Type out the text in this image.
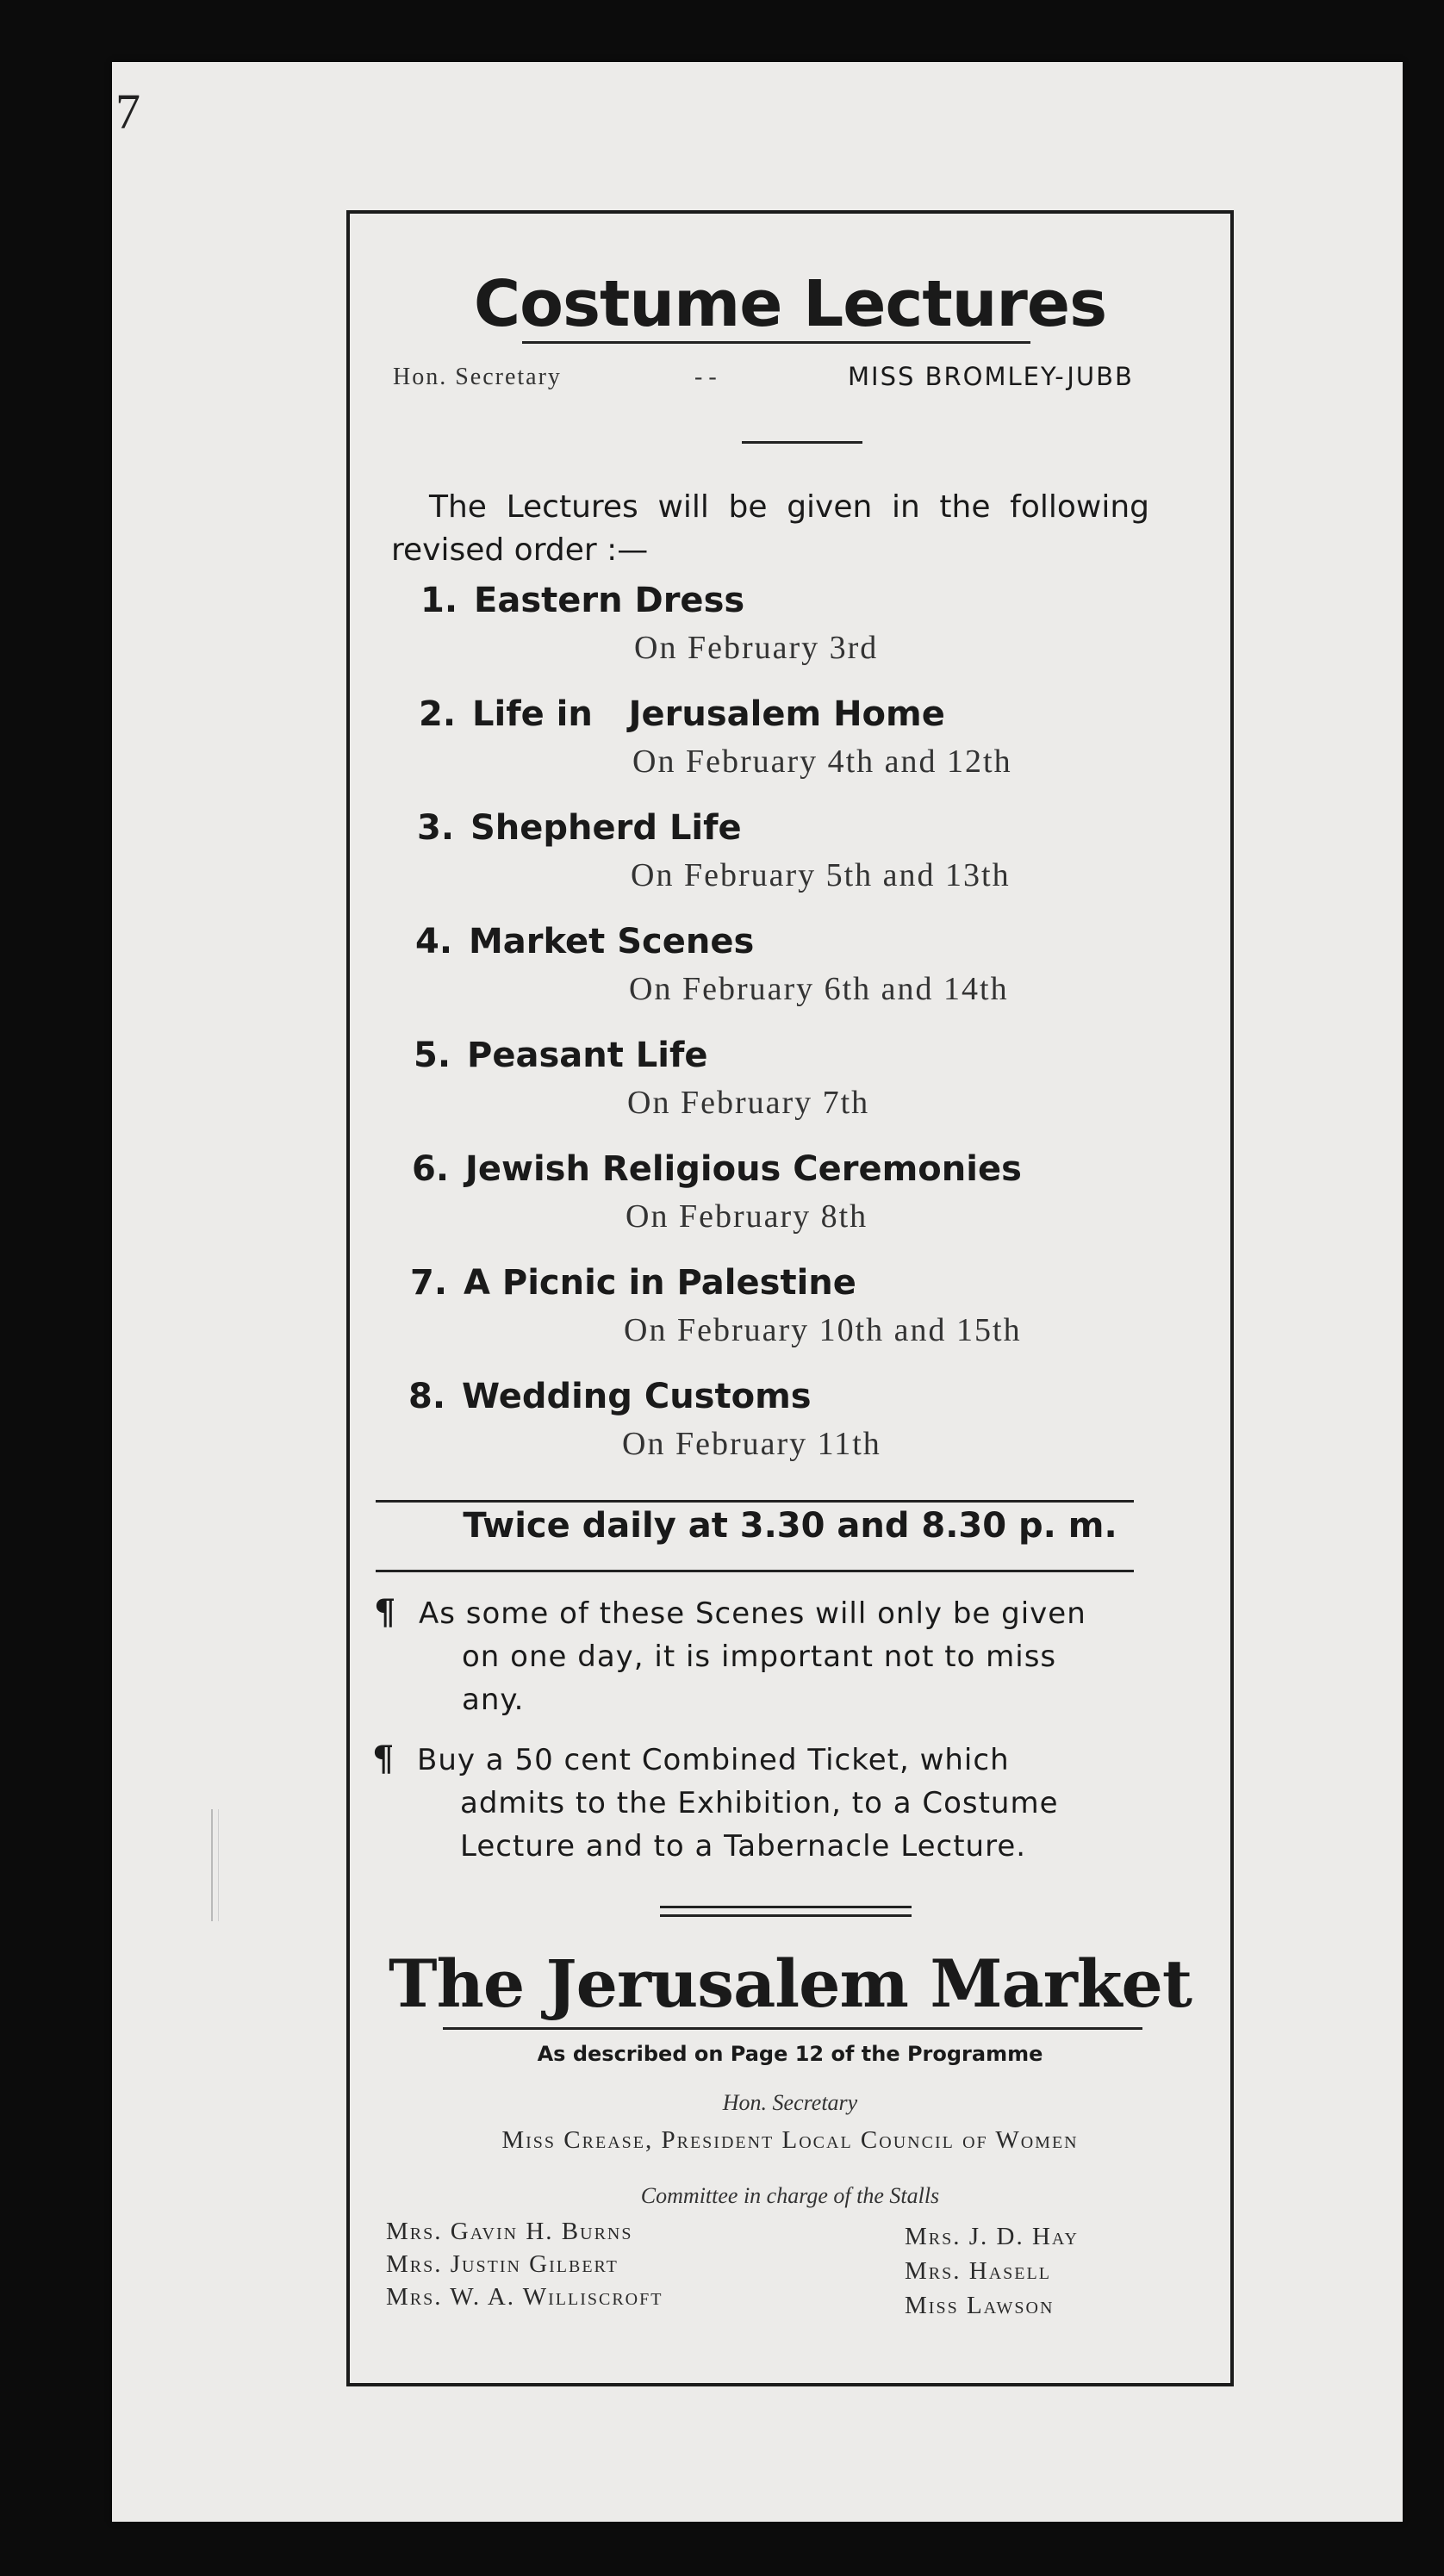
7
Costume Lectures
Hon. Secretary	- -	MISS BROMLEY-JUBB
The Lectures will be given in the following revised order :—
1. Eastern Dress
On February 3rd
2. Life in   Jerusalem Home
On February 4th and 12th
3. Shepherd Life
On February 5th and 13th
4. Market Scenes
On February 6th and 14th
5. Peasant Life
On February 7th
6. Jewish Religious Ceremonies
On February 8th
7. A Picnic in Palestine
On February 10th and 15th
8. Wedding Customs
On February 11th
Twice daily at 3.30 and 8.30 p. m.
¶ As some of these Scenes will only be given
on one day, it is important not to miss
any.
¶ Buy a 50 cent Combined Ticket, which
admits to the Exhibition, to a Costume
Lecture and to a Tabernacle Lecture.
The Jerusalem Market
As described on Page 12 of the Programme
Hon. Secretary
Miss Crease, President Local Council of Women
Committee in charge of the Stalls
Mrs. Gavin H. Burns
Mrs. Justin Gilbert
Mrs. W. A. Williscroft
Mrs. J. D. Hay
Mrs. Hasell
Miss Lawson
